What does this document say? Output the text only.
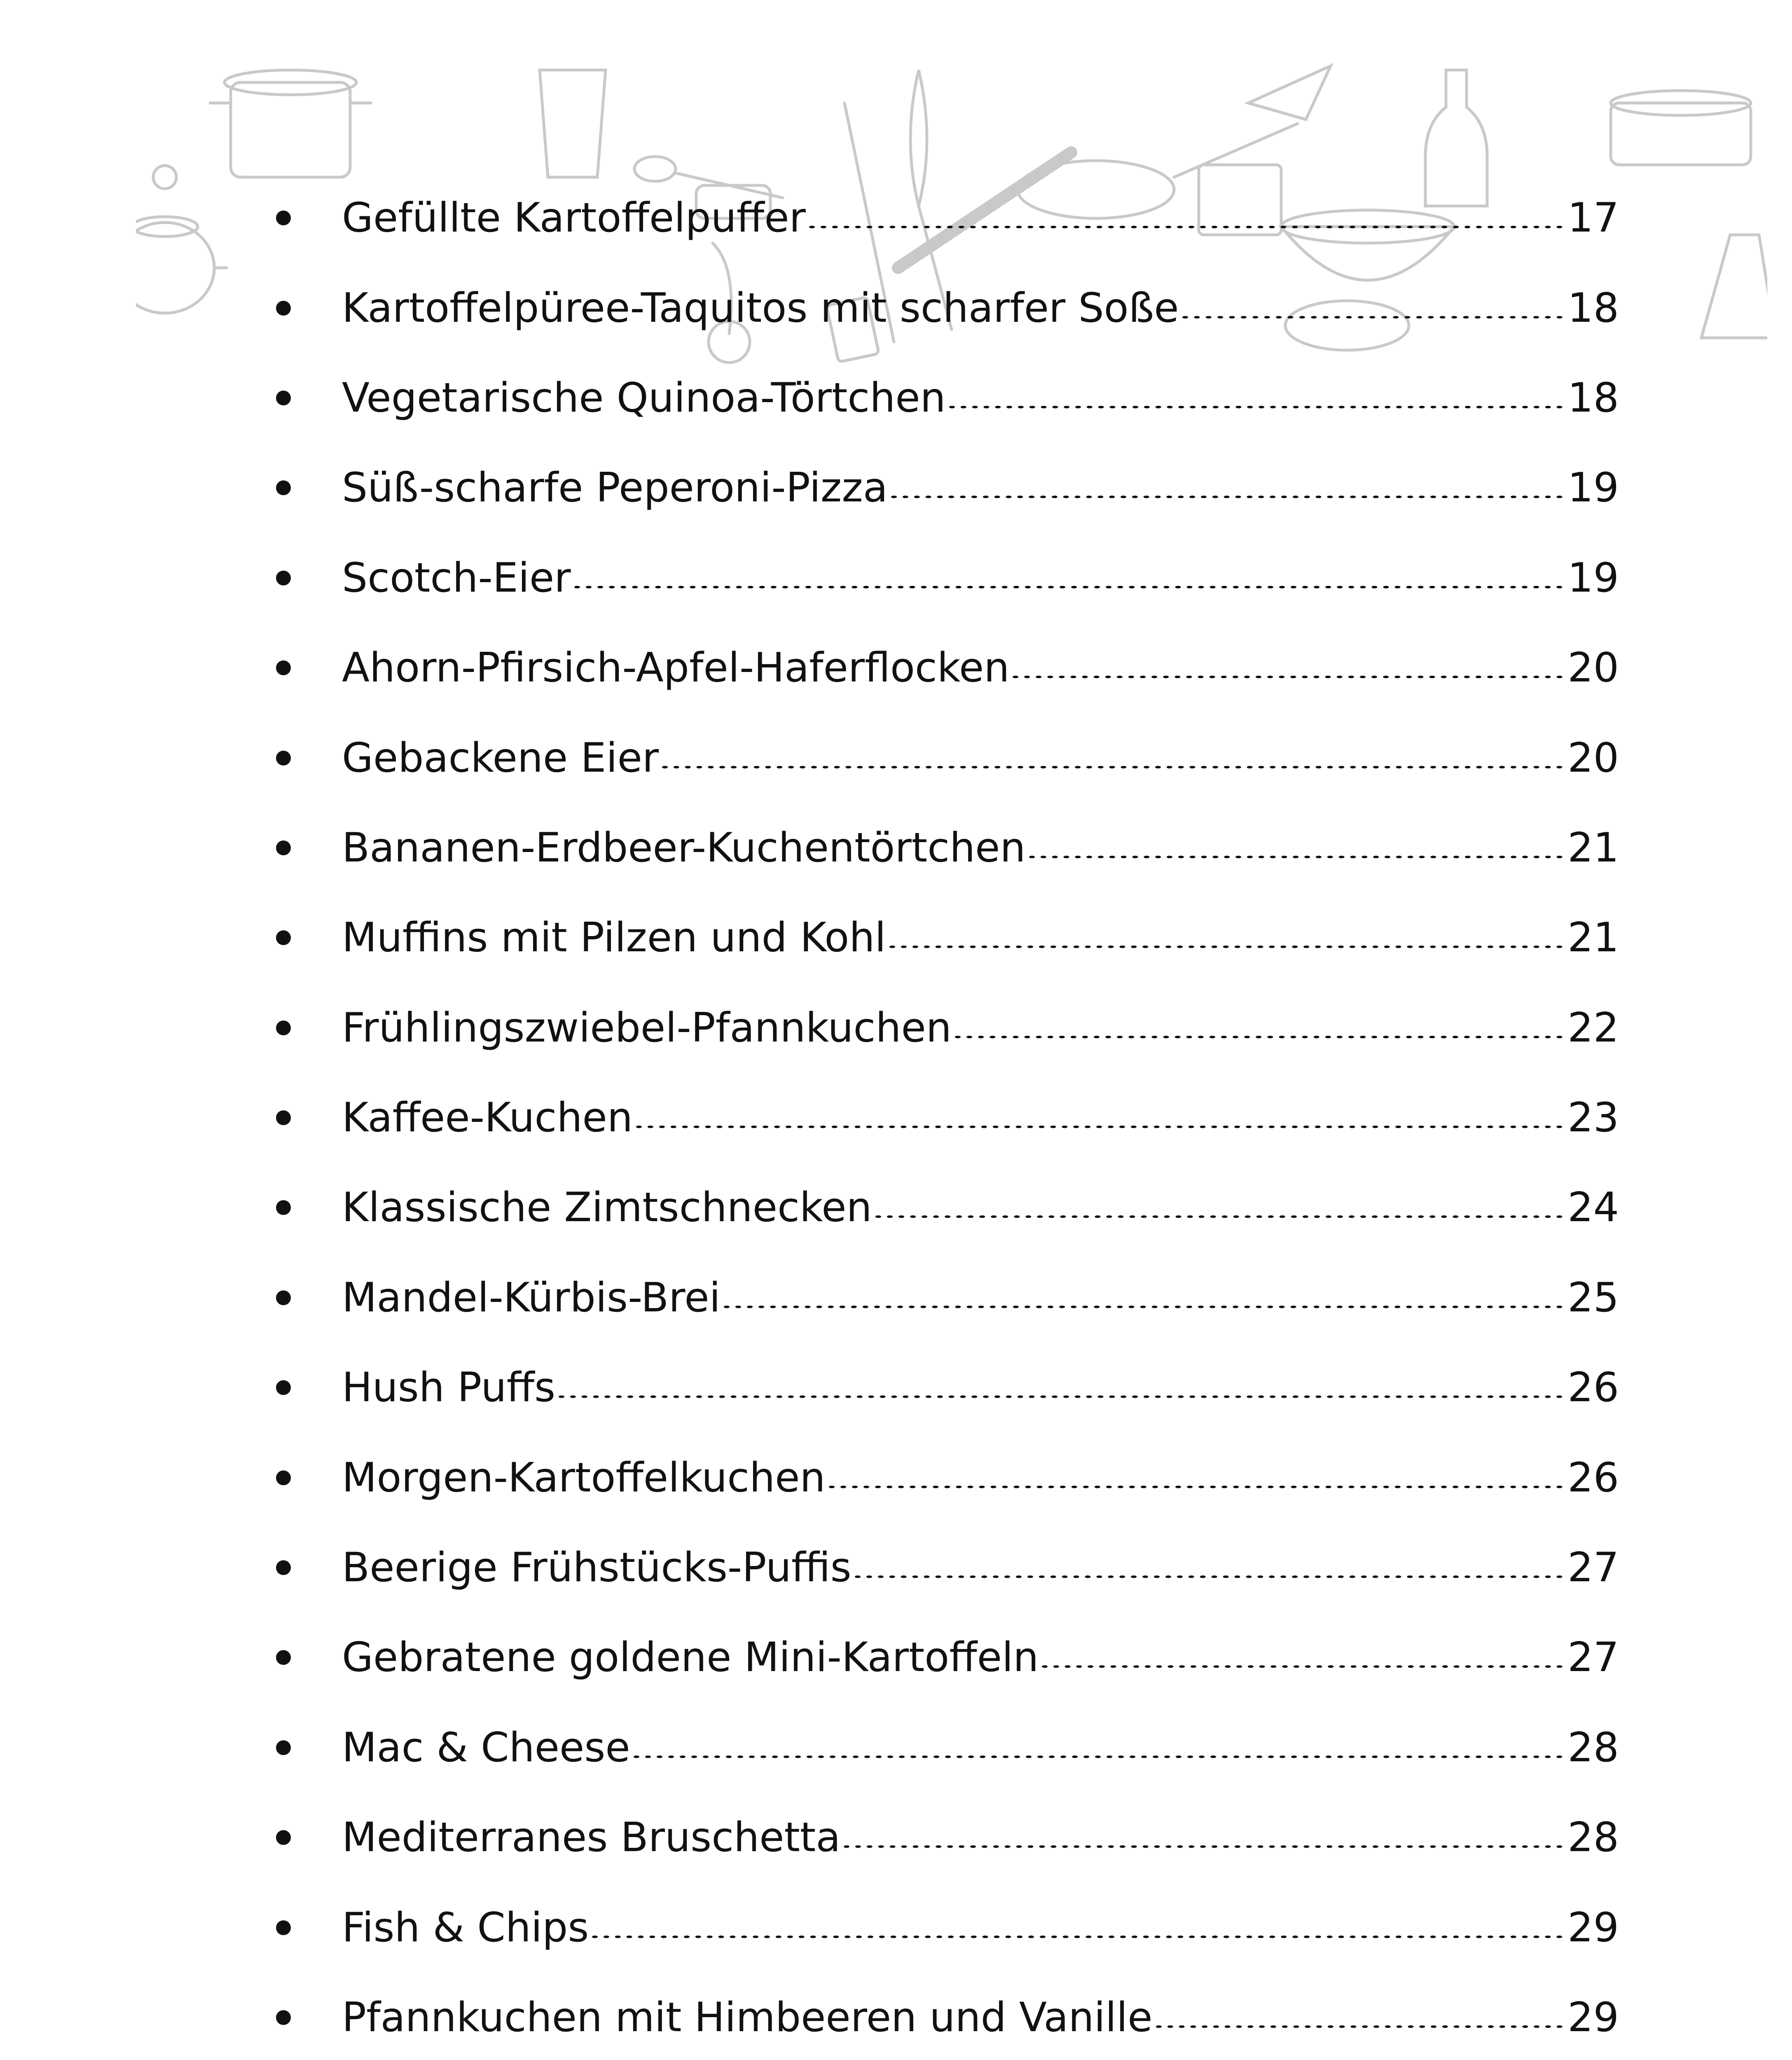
Gefüllte Kartoffelpuffer	17
Kartoffelpüree-Taquitos mit scharfer Soße	18
Vegetarische Quinoa-Törtchen	18
Süß-scharfe Peperoni-Pizza	19
Scotch-Eier	19
Ahorn-Pfirsich-Apfel-Haferflocken	20
Gebackene Eier	20
Bananen-Erdbeer-Kuchentörtchen	21
Muffins mit Pilzen und Kohl	21
Frühlingszwiebel-Pfannkuchen	22
Kaffee-Kuchen	23
Klassische Zimtschnecken	24
Mandel-Kürbis-Brei	25
Hush Puffs	26
Morgen-Kartoffelkuchen	26
Beerige Frühstücks-Puffis	27
Gebratene goldene Mini-Kartoffeln	27
Mac & Cheese	28
Mediterranes Bruschetta	28
Fish & Chips	29
Pfannkuchen mit Himbeeren und Vanille	29
